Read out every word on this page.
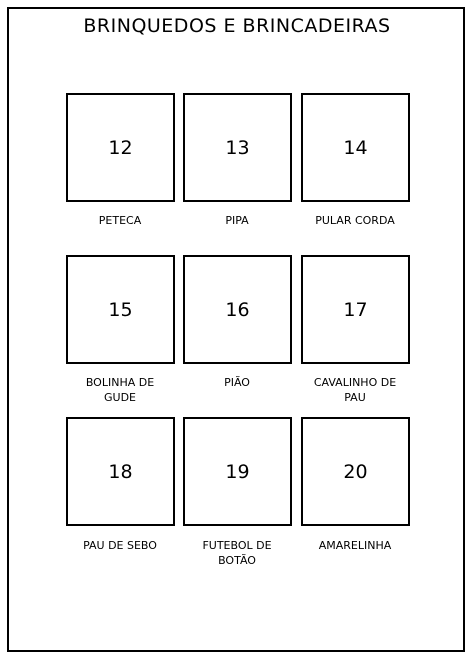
BRINQUEDOS E BRINCADEIRAS
12
PETECA
13
PIPA
14
PULAR CORDA
15
BOLINHA DE
GUDE
16
PIÃO
17
CAVALINHO DE
PAU
18
PAU DE SEBO
19
FUTEBOL DE
BOTÃO
20
AMARELINHA
